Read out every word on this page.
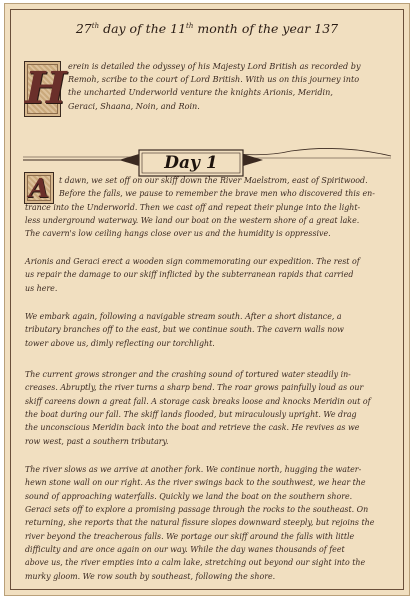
27th day of the 11th month of the year 137
H erein is detailed the odyssey of his Majesty Lord British as recorded by
Remoh, scribe to the court of Lord British. With us on this journey into
the uncharted Underworld venture the knights Arionis, Meridin,
Geraci, Shaana, Noin, and Roin.

Day 1
A	t dawn, we set off on our skiff down the River Maelstrom, east of Spiritwood.
Before the falls, we pause to remember the brave men who discovered this en-
trance into the Underworld. Then we cast off and repeat their plunge into the light-
less underground waterway. We land our boat on the western shore of a great lake.
The cavern's low ceiling hangs close over us and the humidity is oppressive.

Arionis and Geraci erect a wooden sign commemorating our expedition. The rest of
us repair the damage to our skiff inflicted by the subterranean rapids that carried
us here.

We embark again, following a navigable stream south. After a short distance, a
tributary branches off to the east, but we continue south. The cavern walls now
tower above us, dimly reflecting our torchlight.

The current grows stronger and the crashing sound of tortured water steadily in-
creases. Abruptly, the river turns a sharp bend. The roar grows painfully loud as our
skiff careens down a great fall. A storage cask breaks loose and knocks Meridin out of
the boat during our fall. The skiff lands flooded, but miraculously upright. We drag
the unconscious Meridin back into the boat and retrieve the cask. He revives as we
row west, past a southern tributary.

The river slows as we arrive at another fork. We continue north, hugging the water-
hewn stone wall on our right. As the river swings back to the southwest, we hear the
sound of approaching waterfalls. Quickly we land the boat on the southern shore.
Geraci sets off to explore a promising passage through the rocks to the southeast. On
returning, she reports that the natural fissure slopes downward steeply, but rejoins the
river beyond the treacherous falls. We portage our skiff around the falls with little
difficulty and are once again on our way. While the day wanes thousands of feet
above us, the river empties into a calm lake, stretching out beyond our sight into the
murky gloom. We row south by southeast, following the shore.
